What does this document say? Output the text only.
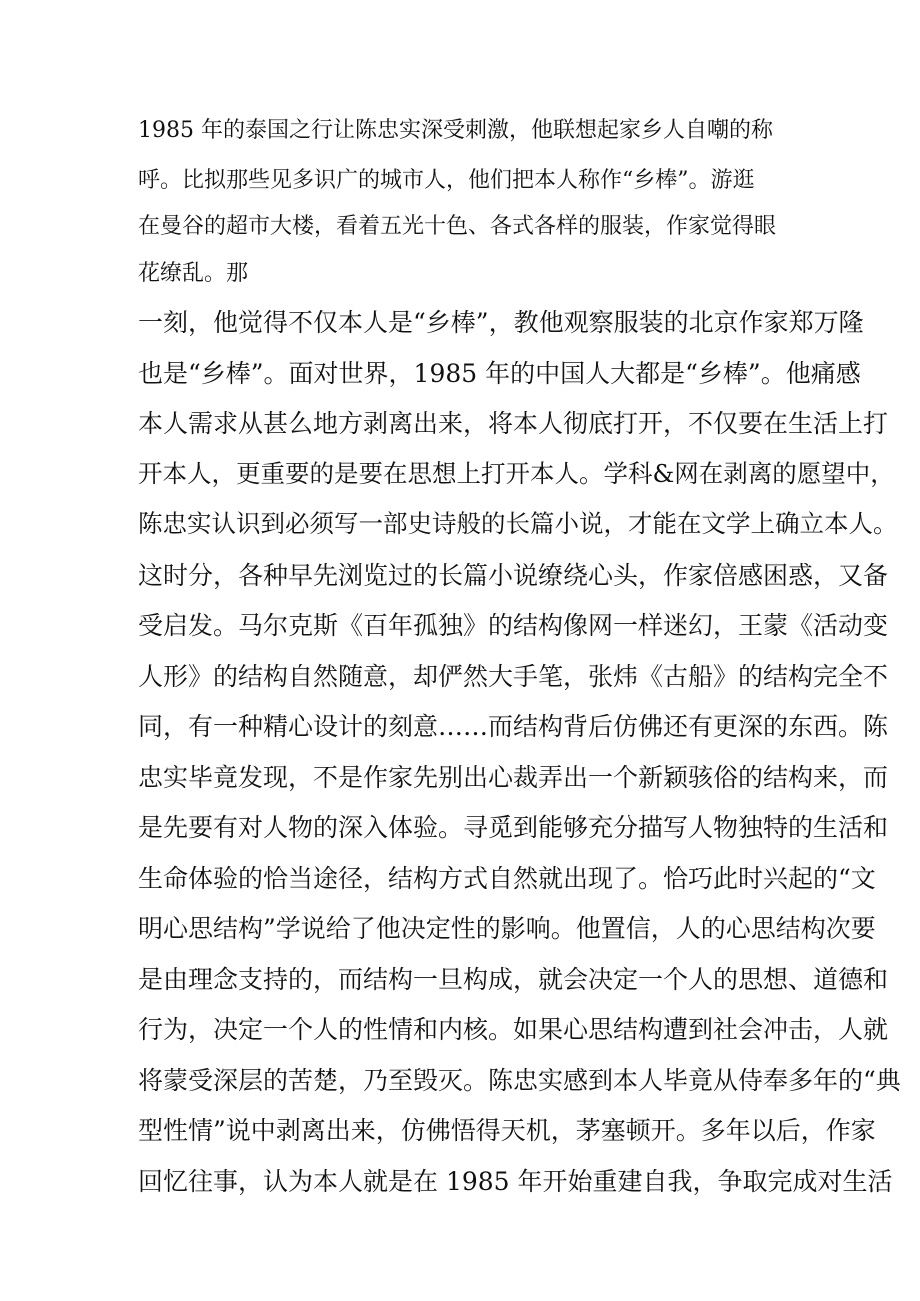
1985 年的泰国之行让陈忠实深受刺激，他联想起家乡人自嘲的称
呼。比拟那些见多识广的城市人，他们把本人称作“乡棒”。游逛
在曼谷的超市大楼，看着五光十色、各式各样的服装，作家觉得眼
花缭乱。那
一刻，他觉得不仅本人是“乡棒”，教他观察服装的北京作家郑万隆
也是“乡棒”。面对世界，1985 年的中国人大都是“乡棒”。他痛感
本人需求从甚么地方剥离出来，将本人彻底打开，不仅要在生活上打
开本人，更重要的是要在思想上打开本人。学科&网在剥离的愿望中，
陈忠实认识到必须写一部史诗般的长篇小说，才能在文学上确立本人。
这时分，各种早先浏览过的长篇小说缭绕心头，作家倍感困惑，又备
受启发。马尔克斯《百年孤独》的结构像网一样迷幻，王蒙《活动变
人形》的结构自然随意，却俨然大手笔，张炜《古船》的结构完全不
同，有一种精心设计的刻意……而结构背后仿佛还有更深的东西。陈
忠实毕竟发现，不是作家先别出心裁弄出一个新颖骇俗的结构来，而
是先要有对人物的深入体验。寻觅到能够充分描写人物独特的生活和
生命体验的恰当途径，结构方式自然就出现了。恰巧此时兴起的“文
明心思结构”学说给了他决定性的影响。他置信，人的心思结构次要
是由理念支持的，而结构一旦构成，就会决定一个人的思想、道德和
行为，决定一个人的性情和内核。如果心思结构遭到社会冲击，人就
将蒙受深层的苦楚，乃至毁灭。陈忠实感到本人毕竟从侍奉多年的“典
型性情”说中剥离出来，仿佛悟得天机，茅塞顿开。多年以后，作家
回忆往事，认为本人就是在 1985 年开始重建自我，争取完成对生活
